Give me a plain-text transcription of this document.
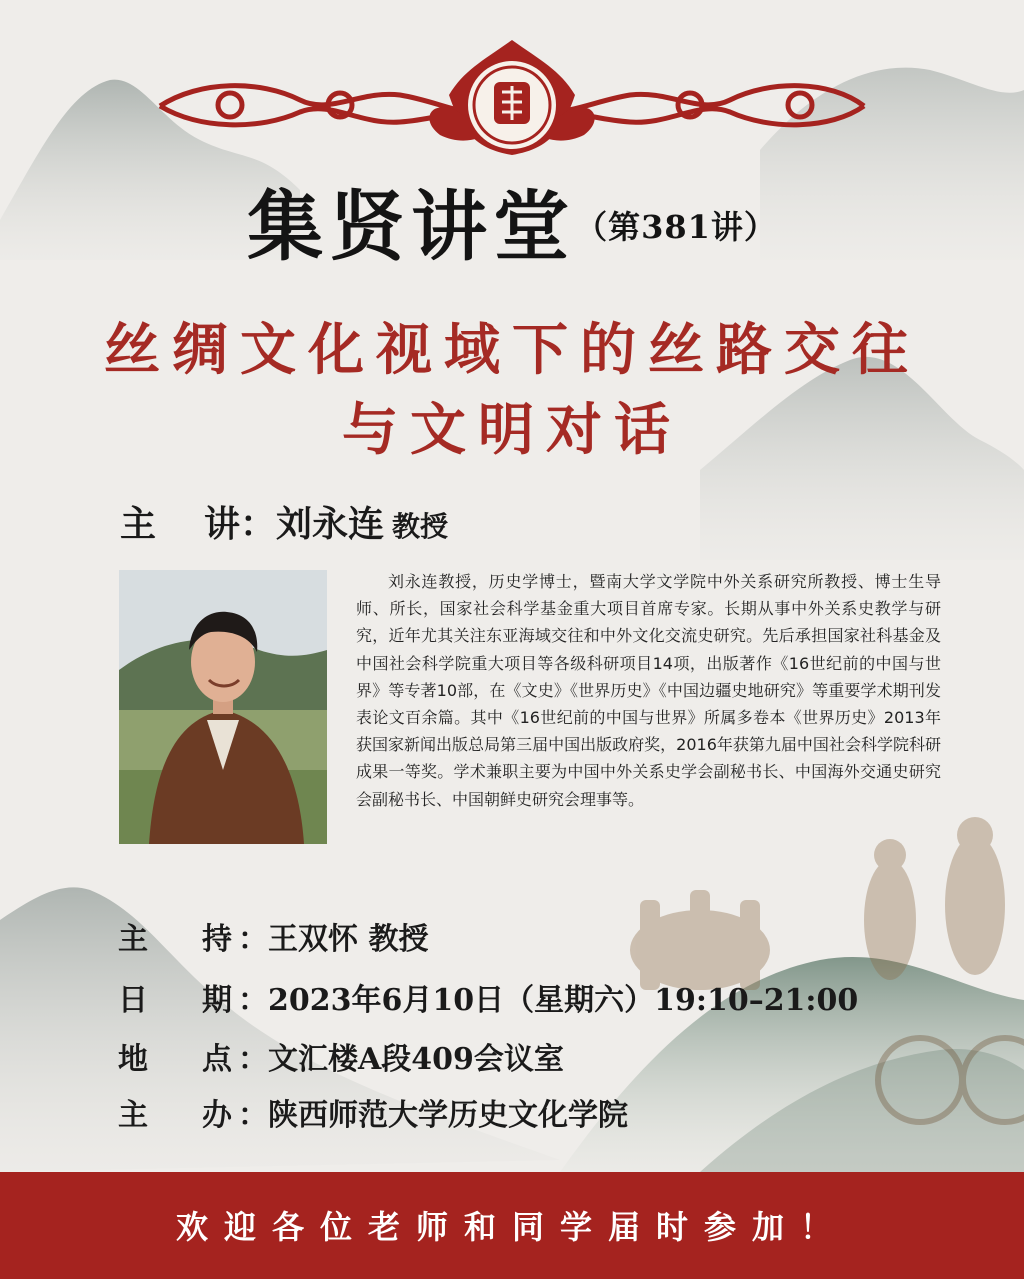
集贤讲堂（第381讲）
丝绸文化视域下的丝路交往
与文明对话
主 讲：刘永连 教授
刘永连教授，历史学博士，暨南大学文学院中外关系研究所教授、博士生导师、所长，国家社会科学基金重大项目首席专家。长期从事中外关系史教学与研究，近年尤其关注东亚海域交往和中外文化交流史研究。先后承担国家社科基金及中国社会科学院重大项目等各级科研项目14项，出版著作《16世纪前的中国与世界》等专著10部，在《文史》《世界历史》《中国边疆史地研究》等重要学术期刊发表论文百余篇。其中《16世纪前的中国与世界》所属多卷本《世界历史》2013年获国家新闻出版总局第三届中国出版政府奖，2016年获第九届中国社会科学院科研成果一等奖。学术兼职主要为中国中外关系史学会副秘书长、中国海外交通史研究会副秘书长、中国朝鲜史研究会理事等。
主 持 ：王双怀 教授
日 期 ：2023年6月10日（星期六）19:10–21:00
地 点 ：文汇楼A段409会议室
主 办 ：陕西师范大学历史文化学院
欢迎各位老师和同学届时参加！
